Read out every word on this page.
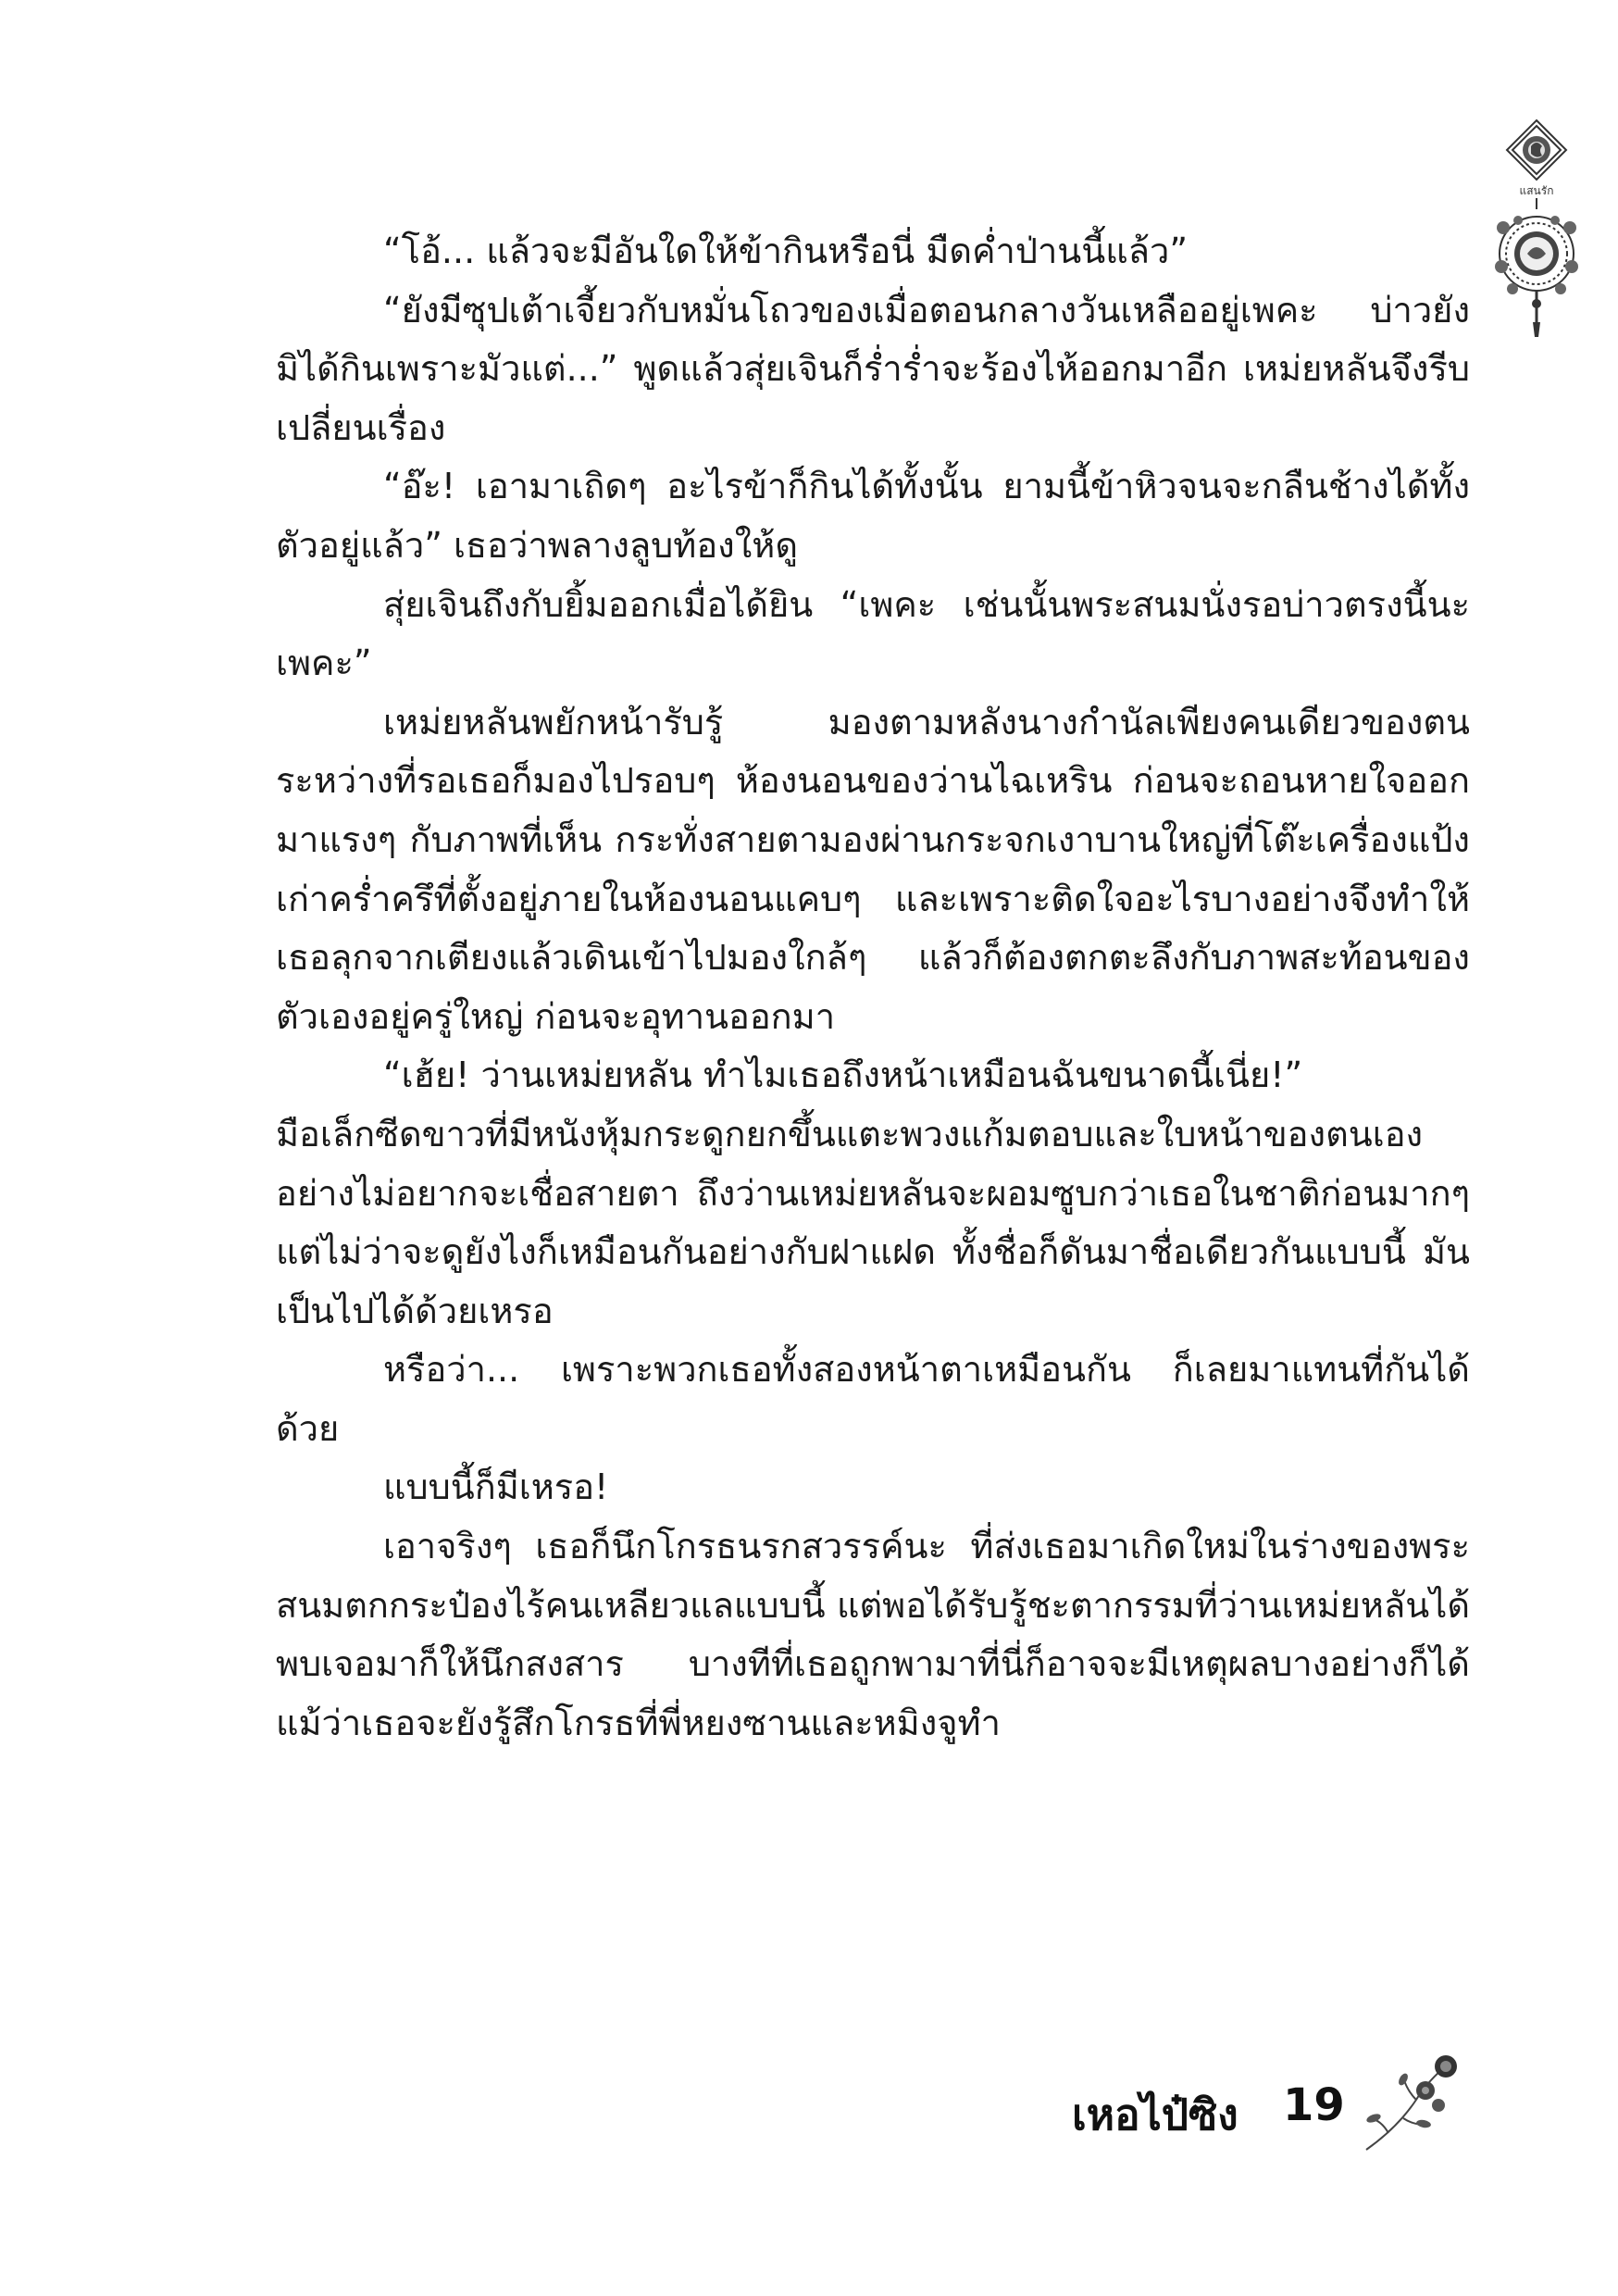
แสนรัก

“โอ้... แล้วจะมีอันใดให้ข้ากินหรือนี่ มืดค่ำป่านนี้แล้ว”

“ยังมีซุปเต้าเจี้ยวกับหมั่นโถวของเมื่อตอนกลางวันเหลืออยู่เพคะ บ่าวยังมิได้กินเพราะมัวแต่...” พูดแล้วสุ่ยเจินก็ร่ำร่ำจะร้องไห้ออกมาอีก เหม่ยหลันจึงรีบเปลี่ยนเรื่อง

“อ๊ะ! เอามาเถิดๆ อะไรข้าก็กินได้ทั้งนั้น ยามนี้ข้าหิวจนจะกลืนช้างได้ทั้งตัวอยู่แล้ว” เธอว่าพลางลูบท้องให้ดู

สุ่ยเจินถึงกับยิ้มออกเมื่อได้ยิน “เพคะ เช่นนั้นพระสนมนั่งรอบ่าวตรงนี้นะเพคะ”

เหม่ยหลันพยักหน้ารับรู้ มองตามหลังนางกำนัลเพียงคนเดียวของตน ระหว่างที่รอเธอก็มองไปรอบๆ ห้องนอนของว่านไฉเหริน ก่อนจะถอนหายใจออกมาแรงๆ กับภาพที่เห็น กระทั่งสายตามองผ่านกระจกเงาบานใหญ่ที่โต๊ะเครื่องแป้งเก่าคร่ำครึที่ตั้งอยู่ภายในห้องนอนแคบๆ และเพราะติดใจอะไรบางอย่างจึงทำให้เธอลุกจากเตียงแล้วเดินเข้าไปมองใกล้ๆ แล้วก็ต้องตกตะลึงกับภาพสะท้อนของตัวเองอยู่ครู่ใหญ่ ก่อนจะอุทานออกมา

“เฮ้ย! ว่านเหม่ยหลัน ทำไมเธอถึงหน้าเหมือนฉันขนาดนี้เนี่ย!”

มือเล็กซีดขาวที่มีหนังหุ้มกระดูกยกขึ้นแตะพวงแก้มตอบและใบหน้าของตนเองอย่างไม่อยากจะเชื่อสายตา ถึงว่านเหม่ยหลันจะผอมซูบกว่าเธอในชาติก่อนมากๆ แต่ไม่ว่าจะดูยังไงก็เหมือนกันอย่างกับฝาแฝด ทั้งชื่อก็ดันมาชื่อเดียวกันแบบนี้ มันเป็นไปได้ด้วยเหรอ

หรือว่า... เพราะพวกเธอทั้งสองหน้าตาเหมือนกัน ก็เลยมาแทนที่กันได้ด้วย

แบบนี้ก็มีเหรอ!

เอาจริงๆ เธอก็นึกโกรธนรกสวรรค์นะ ที่ส่งเธอมาเกิดใหม่ในร่างของพระสนมตกกระป๋องไร้คนเหลียวแลแบบนี้ แต่พอได้รับรู้ชะตากรรมที่ว่านเหม่ยหลันได้พบเจอมาก็ให้นึกสงสาร บางทีที่เธอถูกพามาที่นี่ก็อาจจะมีเหตุผลบางอย่างก็ได้ แม้ว่าเธอจะยังรู้สึกโกรธที่พี่หยงซานและหมิงจูทำ

เหอไป๋ซิง 19
